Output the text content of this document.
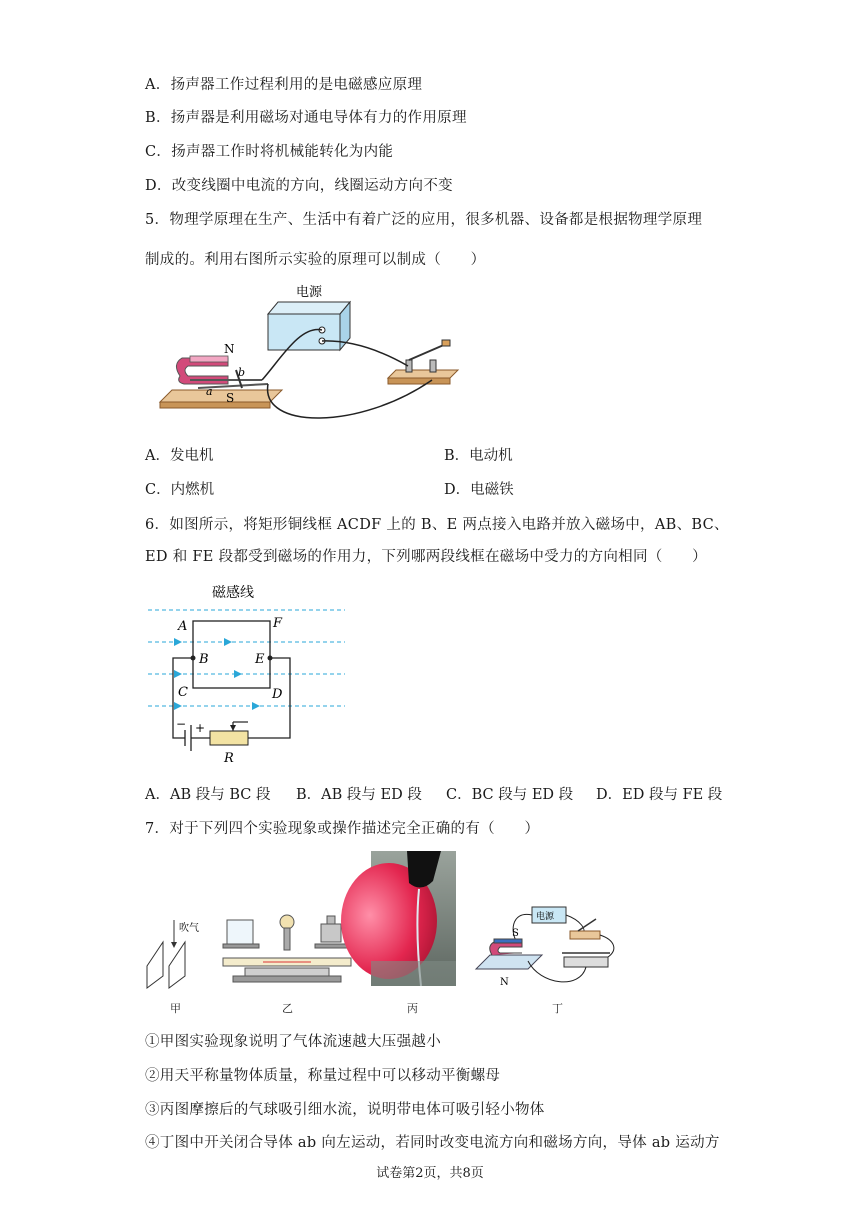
A．扬声器工作过程利用的是电磁感应原理
B．扬声器是利用磁场对通电导体有力的作用原理
C．扬声器工作时将机械能转化为内能
D．改变线圈中电流的方向，线圈运动方向不变
5．物理学原理在生产、生活中有着广泛的应用，很多机器、设备都是根据物理学原理
制成的。利用右图所示实验的原理可以制成（　　）
电源
N
S
b
a
A．发电机	B．电动机
C．内燃机	D．电磁铁
6．如图所示，将矩形铜线框 ACDF 上的 B、E 两点接入电路并放入磁场中，AB、BC、
ED 和 FE 段都受到磁场的作用力，下列哪两段线框在磁场中受力的方向相同（　　）
磁感线
A	F
B	E
C	D
R
− +
A．AB 段与 BC 段 B．AB 段与 ED 段 C．BC 段与 ED 段 D．ED 段与 FE 段
7．对于下列四个实验现象或操作描述完全正确的有（　　）
吹气
甲	乙	丙
电源
S
N
丁
①甲图实验现象说明了气体流速越大压强越小
②用天平称量物体质量，称量过程中可以移动平衡螺母
③丙图摩擦后的气球吸引细水流，说明带电体可吸引轻小物体
④丁图中开关闭合导体 ab 向左运动，若同时改变电流方向和磁场方向，导体 ab 运动方
试卷第2页，共8页
